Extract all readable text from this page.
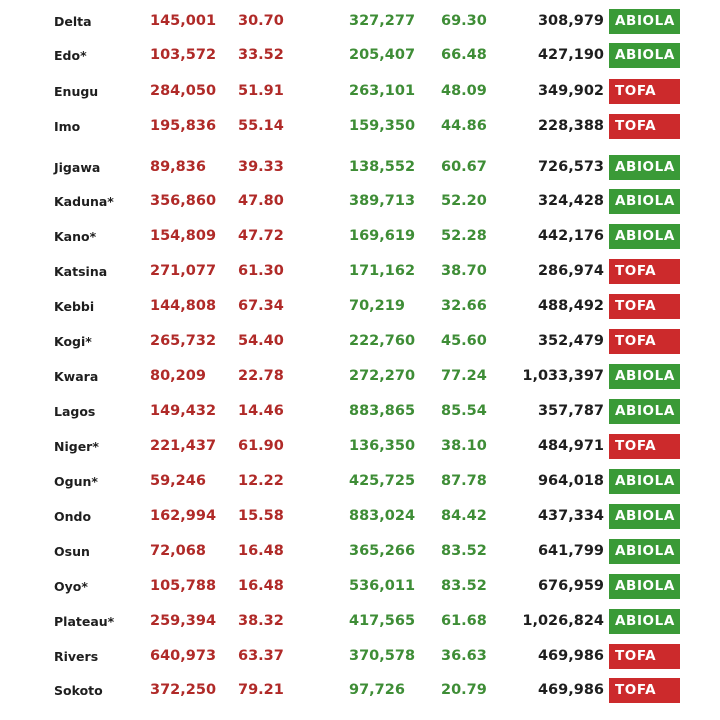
Delta	145,001 30.70	327,277 69.30	308,979 ABIOLA
Edo*	103,572 33.52	205,407 66.48	427,190 ABIOLA
Enugu	284,050 51.91	263,101 48.09	349,902 TOFA
Imo	195,836 55.14	159,350 44.86	228,388 TOFA
Jigawa	89,836 39.33	138,552 60.67	726,573 ABIOLA
Kaduna* 356,860 47.80	389,713 52.20	324,428 ABIOLA
Kano*	154,809 47.72	169,619 52.28	442,176 ABIOLA
Katsina	271,077 61.30	171,162 38.70	286,974 TOFA
Kebbi	144,808 67.34	70,219 32.66	488,492 TOFA
Kogi*	265,732 54.40	222,760 45.60	352,479 TOFA
Kwara	80,209 22.78	272,270 77.24 1,033,397 ABIOLA
Lagos	149,432 14.46	883,865 85.54	357,787 ABIOLA
Niger*	221,437 61.90	136,350 38.10	484,971 TOFA
Ogun*	59,246 12.22	425,725 87.78	964,018 ABIOLA
Ondo	162,994 15.58	883,024 84.42	437,334 ABIOLA
Osun	72,068 16.48	365,266 83.52	641,799 ABIOLA
Oyo*	105,788 16.48	536,011 83.52	676,959 ABIOLA
Plateau* 259,394 38.32	417,565 61.68 1,026,824 ABIOLA
Rivers	640,973 63.37	370,578 36.63	469,986 TOFA
Sokoto	372,250 79.21	97,726 20.79	469,986 TOFA
